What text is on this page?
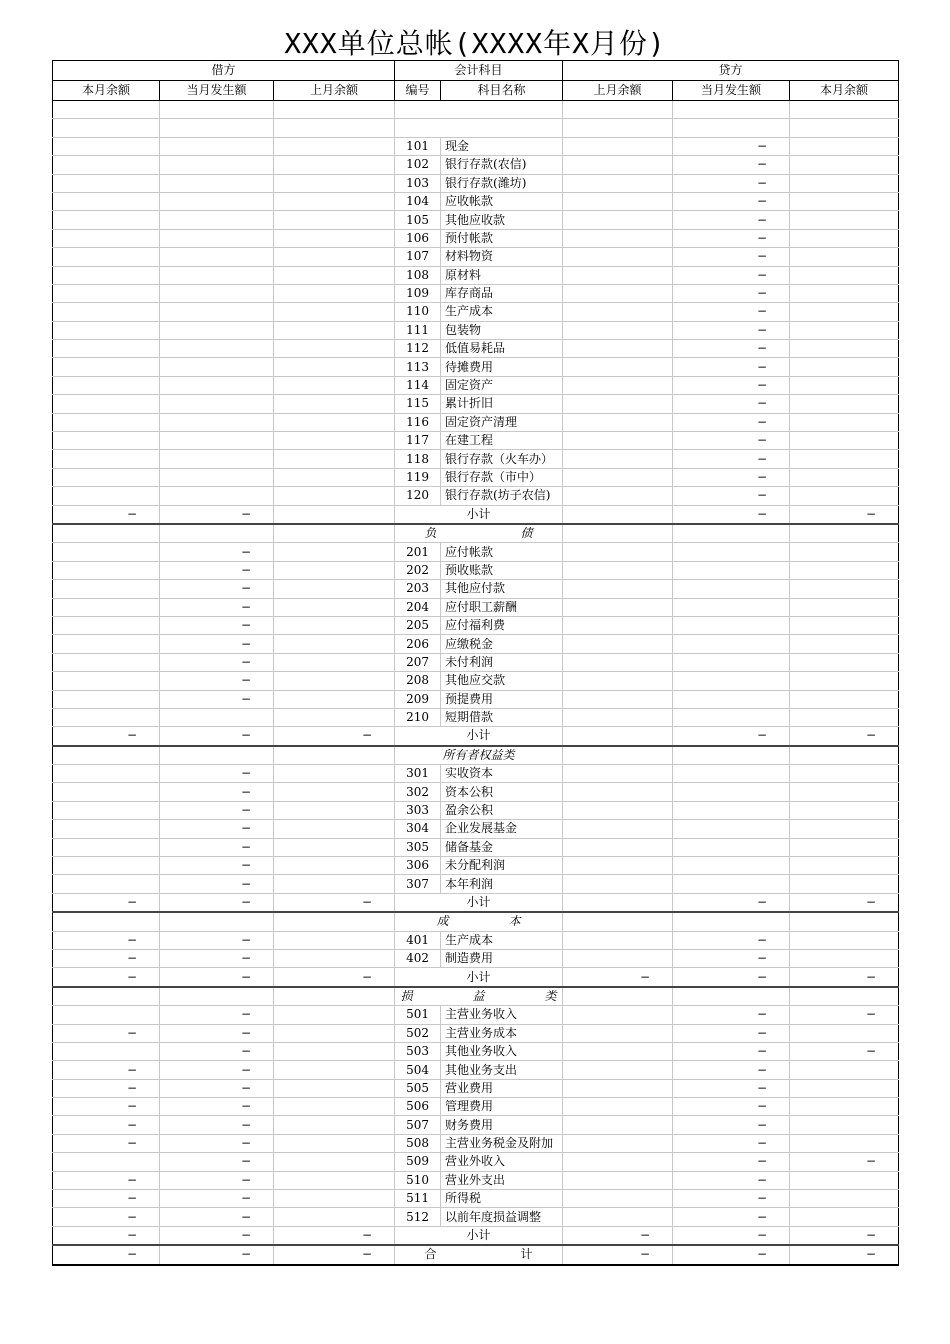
XXX单位总帐(XXXX年X月份)
借方			会计科目		贷方		
本月余额	当月发生额	上月余额	编号	科目名称	上月余额	当月发生额	本月余额

			101	现金		−	
			102	银行存款(农信)		−	
			103	银行存款(潍坊)		−	
			104	应收帐款		−	
			105	其他应收款		−	
			106	预付帐款		−	
			107	材料物资		−	
			108	原材料		−	
			109	库存商品		−	
			110	生产成本		−	
			111	包装物		−	
			112	低值易耗品		−	
			113	待摊费用		−	
			114	固定资产		−	
			115	累计折旧		−	
			116	固定资产清理		−	
			117	在建工程		−	
			118	银行存款（火车办）		−	
			119	银行存款（市中）		−	
			120	银行存款(坊子农信)		−	
−	−		小计			−	−
			负　　　　　　　债				
	−		201	应付帐款			
	−		202	预收账款			
	−		203	其他应付款			
	−		204	应付职工薪酬			
	−		205	应付福利费			
	−		206	应缴税金			
	−		207	未付利润			
	−		208	其他应交款			
	−		209	预提费用			
			210	短期借款			
−	−	−	小计			−	−
			所有者权益类				
	−		301	实收资本			
	−		302	资本公积			
	−		303	盈余公积			
	−		304	企业发展基金			
	−		305	储备基金			
	−		306	未分配利润			
	−		307	本年利润			
−	−	−	小计			−	−
			成　　　　　本				
−	−		401	生产成本		−	
−	−		402	制造费用		−	
−	−	−	小计		−	−	−
			损　　　　　益　　　　　类				
	−		501	主营业务收入		−	−
−	−		502	主营业务成本		−	
	−		503	其他业务收入		−	−
−	−		504	其他业务支出		−	
−	−		505	营业费用		−	
−	−		506	管理费用		−	
−	−		507	财务费用		−	
−	−		508	主营业务税金及附加		−	
	−		509	营业外收入		−	−
−	−		510	营业外支出		−	
−	−		511	所得税		−	
−	−		512	以前年度损益调整		−	
−	−	−	小计		−	−	−
−	−	−	合　　　　　　　计		−	−	−
